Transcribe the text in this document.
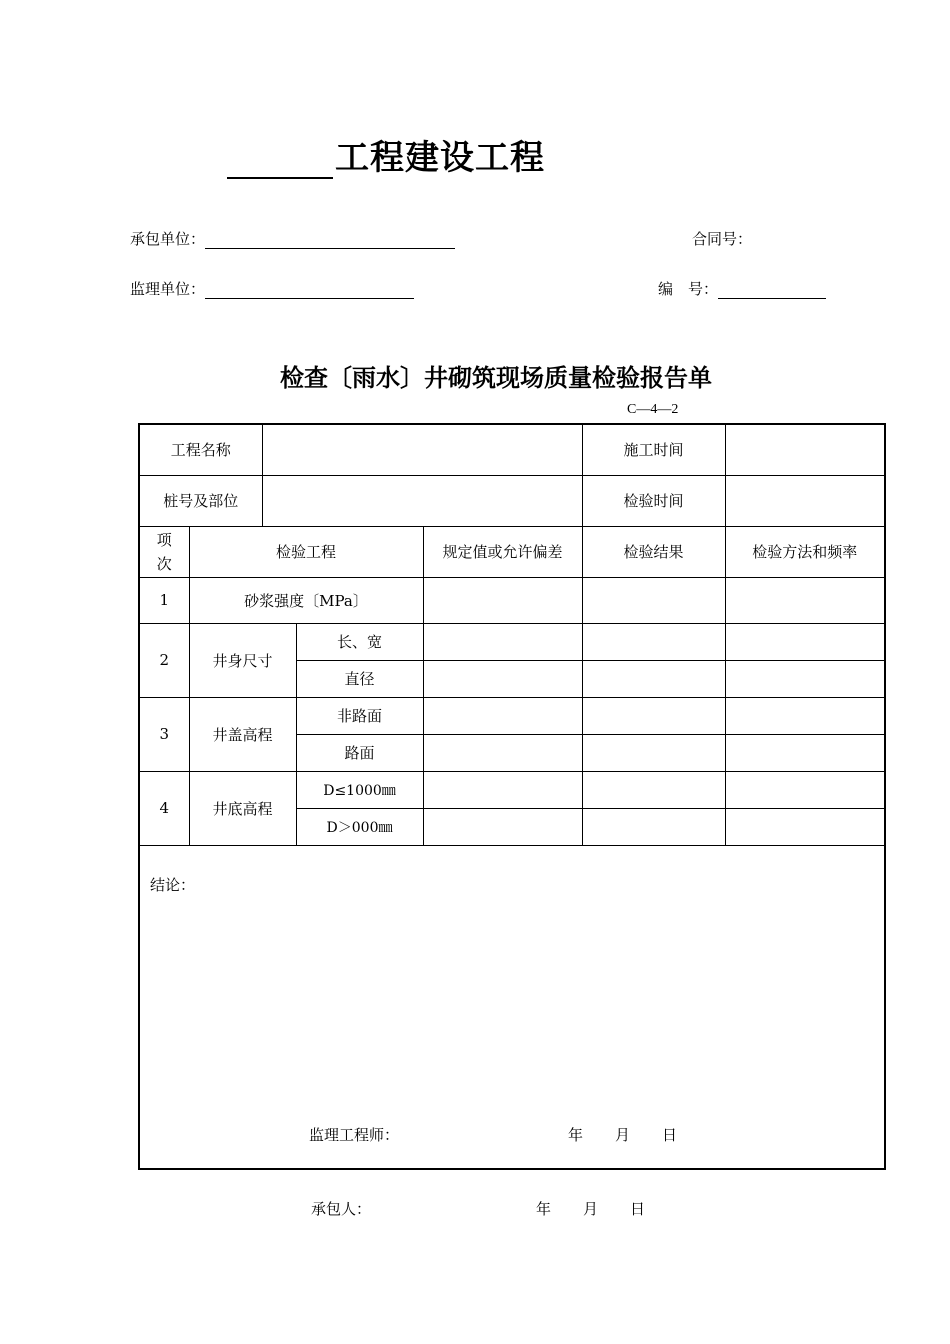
工程建设工程
承包单位：	合同号：
监理单位：	编　号：
检查〔雨水〕井砌筑现场质量检验报告单
C—4—2
工程名称					施工时间	
桩号及部位					检验时间	

项次	检验工程			规定值或允许偏差	检验结果	检验方法和频率
1	砂浆强度〔MPa〕					
2	井身尺寸		长、宽			
			直径			
3	井盖高程		非路面			
			路面			
4	井底高程		D≤1000㎜			
			D＞000㎜			

结论：
监理工程师： 年 月 日						
承包人：	年 月 日
